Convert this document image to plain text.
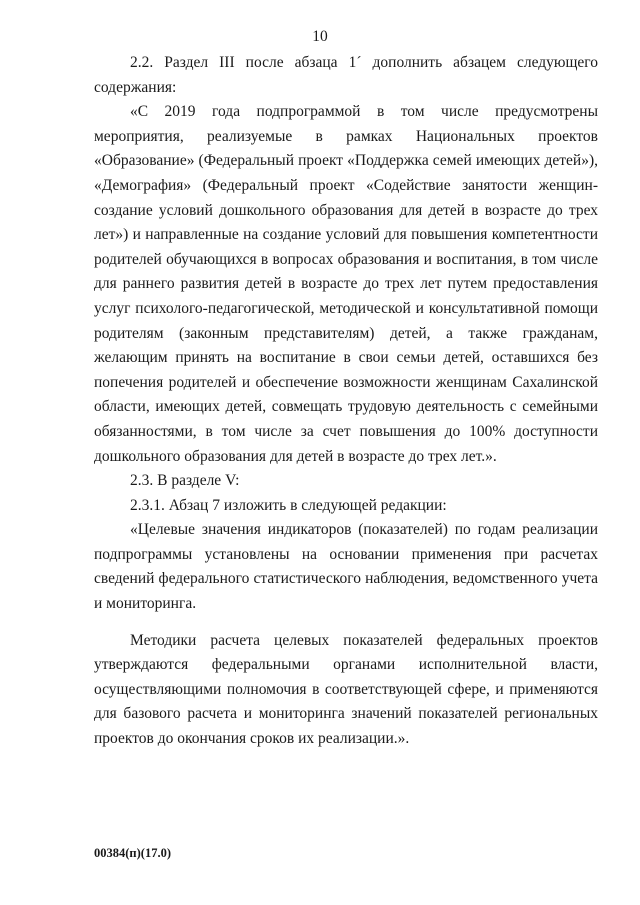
10

2.2. Раздел III после абзаца 1´ дополнить абзацем следующего содержания:

«С 2019 года подпрограммой в том числе предусмотрены мероприятия, реализуемые в рамках Национальных проектов «Образование» (Федеральный проект «Поддержка семей имеющих детей»), «Демография» (Федеральный проект «Содействие занятости женщин-создание условий дошкольного образования для детей в возрасте до трех лет») и направленные на создание условий для повышения компетентности родителей обучающихся в вопросах образования и воспитания, в том числе для раннего развития детей в возрасте до трех лет путем предоставления услуг психолого-педагогической, методической и консультативной помощи родителям (законным представителям) детей, а также гражданам, желающим принять на воспитание в свои семьи детей, оставшихся без попечения родителей и обеспечение возможности женщинам Сахалинской области, имеющих детей, совмещать трудовую деятельность с семейными обязанностями, в том числе за счет повышения до 100% доступности дошкольного образования для детей в возрасте до трех лет.».

2.3. В разделе V:

2.3.1. Абзац 7 изложить в следующей редакции:

«Целевые значения индикаторов (показателей) по годам реализации подпрограммы установлены на основании применения при расчетах сведений федерального статистического наблюдения, ведомственного учета и мониторинга.

Методики расчета целевых показателей федеральных проектов утверждаются федеральными органами исполнительной власти, осуществляющими полномочия в соответствующей сфере, и применяются для базового расчета и мониторинга значений показателей региональных проектов до окончания сроков их реализации.».

00384(п)(17.0)
